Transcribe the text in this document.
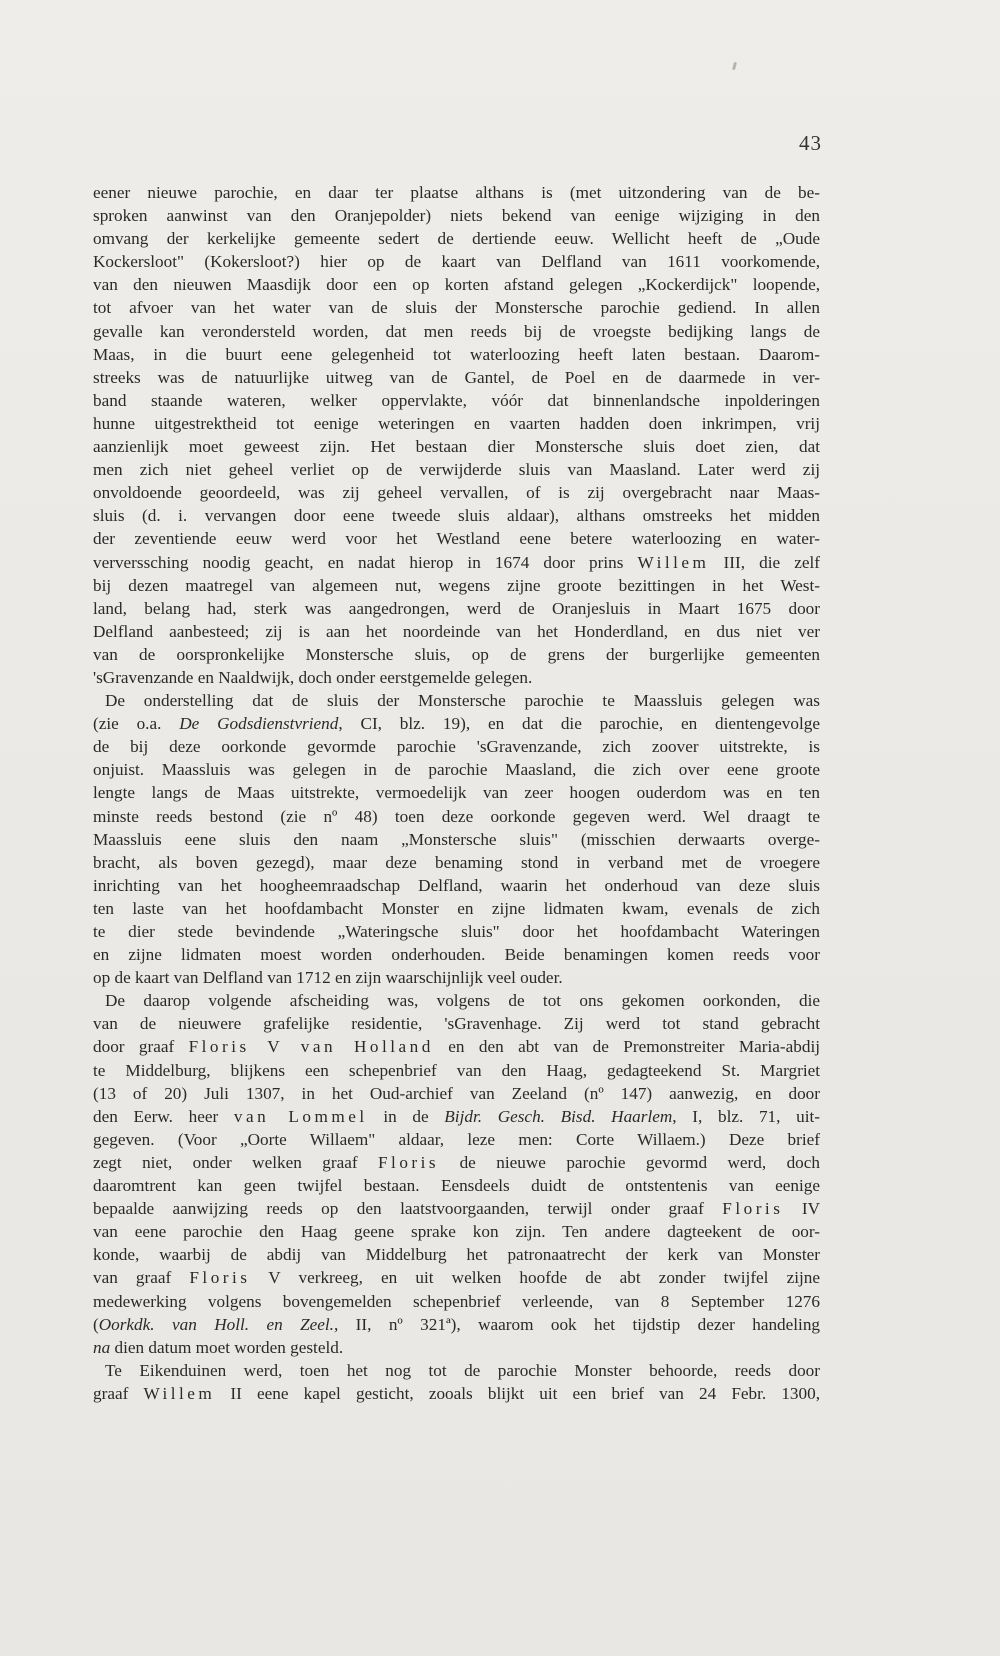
43
eener nieuwe parochie, en daar ter plaatse althans is (met uitzondering van de be-
sproken aanwinst van den Oranjepolder) niets bekend van eenige wijziging in den
omvang der kerkelijke gemeente sedert de dertiende eeuw. Wellicht heeft de „Oude
Kockersloot" (Kokersloot?) hier op de kaart van Delfland van 1611 voorkomende,
van den nieuwen Maasdijk door een op korten afstand gelegen „Kockerdijck" loopende,
tot afvoer van het water van de sluis der Monstersche parochie gediend. In allen
gevalle kan verondersteld worden, dat men reeds bij de vroegste bedijking langs de
Maas, in die buurt eene gelegenheid tot waterloozing heeft laten bestaan. Daarom-
streeks was de natuurlijke uitweg van de Gantel, de Poel en de daarmede in ver-
band staande wateren, welker oppervlakte, vóór dat binnenlandsche inpolderingen
hunne uitgestrektheid tot eenige weteringen en vaarten hadden doen inkrimpen, vrij
aanzienlijk moet geweest zijn. Het bestaan dier Monstersche sluis doet zien, dat
men zich niet geheel verliet op de verwijderde sluis van Maasland. Later werd zij
onvoldoende geoordeeld, was zij geheel vervallen, of is zij overgebracht naar Maas-
sluis (d. i. vervangen door eene tweede sluis aldaar), althans omstreeks het midden
der zeventiende eeuw werd voor het Westland eene betere waterloozing en water-
ververssching noodig geacht, en nadat hierop in 1674 door prins Willem III, die zelf
bij dezen maatregel van algemeen nut, wegens zijne groote bezittingen in het West-
land, belang had, sterk was aangedrongen, werd de Oranjesluis in Maart 1675 door
Delfland aanbesteed; zij is aan het noordeinde van het Honderdland, en dus niet ver
van de oorspronkelijke Monstersche sluis, op de grens der burgerlijke gemeenten
'sGravenzande en Naaldwijk, doch onder eerstgemelde gelegen.
De onderstelling dat de sluis der Monstersche parochie te Maassluis gelegen was
(zie o.a. De Godsdienstvriend, CI, blz. 19), en dat die parochie, en dientengevolge
de bij deze oorkonde gevormde parochie 'sGravenzande, zich zoover uitstrekte, is
onjuist. Maassluis was gelegen in de parochie Maasland, die zich over eene groote
lengte langs de Maas uitstrekte, vermoedelijk van zeer hoogen ouderdom was en ten
minste reeds bestond (zie nº 48) toen deze oorkonde gegeven werd. Wel draagt te
Maassluis eene sluis den naam „Monstersche sluis" (misschien derwaarts overge-
bracht, als boven gezegd), maar deze benaming stond in verband met de vroegere
inrichting van het hoogheemraadschap Delfland, waarin het onderhoud van deze sluis
ten laste van het hoofdambacht Monster en zijne lidmaten kwam, evenals de zich
te dier stede bevindende „Wateringsche sluis" door het hoofdambacht Wateringen
en zijne lidmaten moest worden onderhouden. Beide benamingen komen reeds voor
op de kaart van Delfland van 1712 en zijn waarschijnlijk veel ouder.
De daarop volgende afscheiding was, volgens de tot ons gekomen oorkonden, die
van de nieuwere grafelijke residentie, 'sGravenhage. Zij werd tot stand gebracht
door graaf Floris V van Holland en den abt van de Premonstreiter Maria-abdij
te Middelburg, blijkens een schepenbrief van den Haag, gedagteekend St. Margriet
(13 of 20) Juli 1307, in het Oud-archief van Zeeland (nº 147) aanwezig, en door
den Eerw. heer van Lommel in de Bijdr. Gesch. Bisd. Haarlem, I, blz. 71, uit-
gegeven. (Voor „Oorte Willaem" aldaar, leze men: Corte Willaem.) Deze brief
zegt niet, onder welken graaf Floris de nieuwe parochie gevormd werd, doch
daaromtrent kan geen twijfel bestaan. Eensdeels duidt de ontstentenis van eenige
bepaalde aanwijzing reeds op den laatstvoorgaanden, terwijl onder graaf Floris IV
van eene parochie den Haag geene sprake kon zijn. Ten andere dagteekent de oor-
konde, waarbij de abdij van Middelburg het patronaatrecht der kerk van Monster
van graaf Floris V verkreeg, en uit welken hoofde de abt zonder twijfel zijne
medewerking volgens bovengemelden schepenbrief verleende, van 8 September 1276
(Oorkdk. van Holl. en Zeel., II, nº 321ª), waarom ook het tijdstip dezer handeling
na dien datum moet worden gesteld.
Te Eikenduinen werd, toen het nog tot de parochie Monster behoorde, reeds door
graaf Willem II eene kapel gesticht, zooals blijkt uit een brief van 24 Febr. 1300,
